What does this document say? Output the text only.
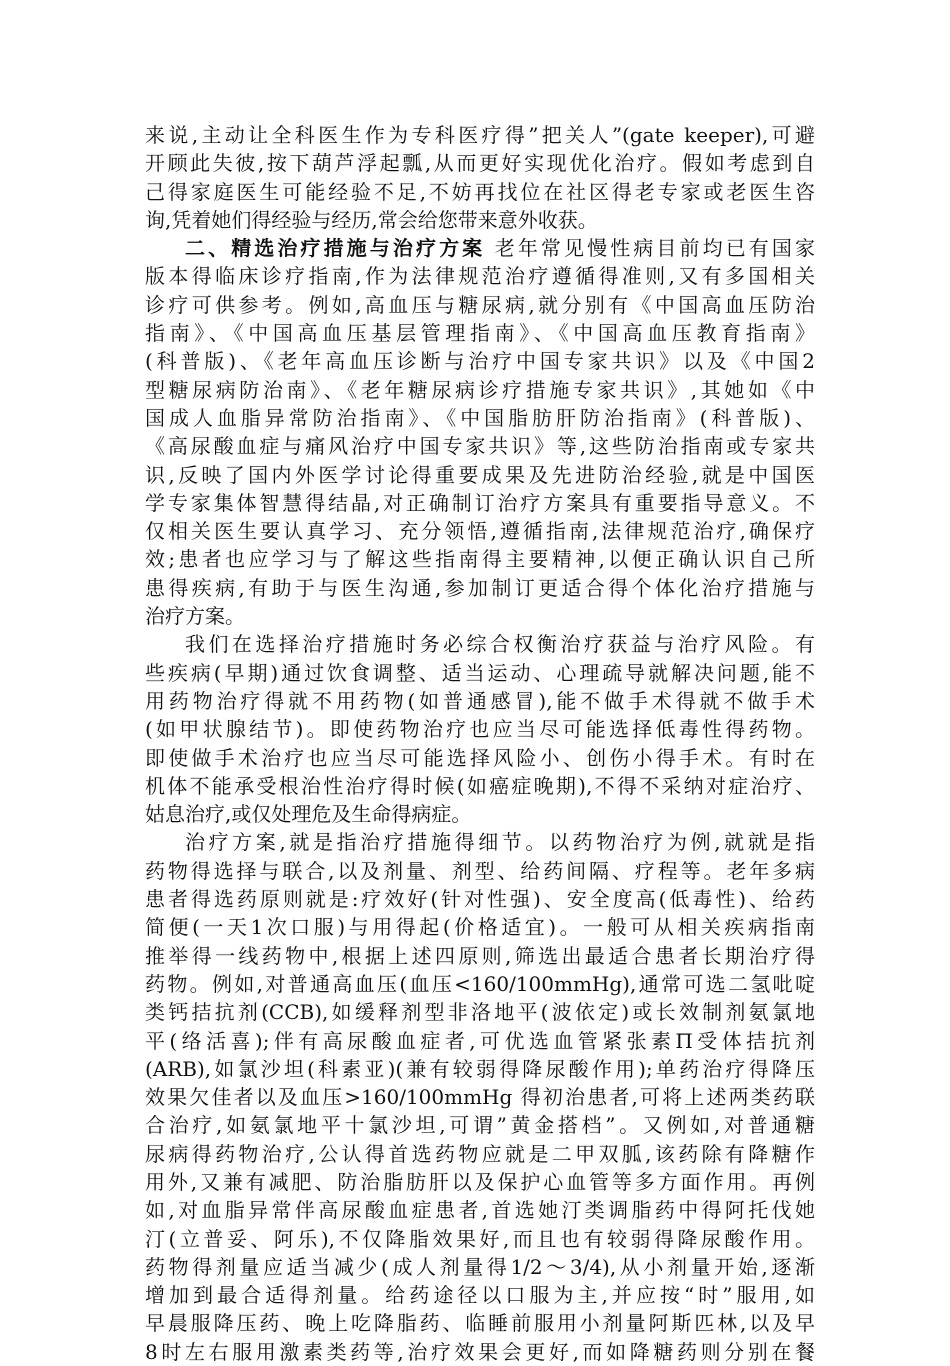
来说,主动让全科医生作为专科医疗得”把关人”(gate keeper),可避
开顾此失彼,按下葫芦浮起瓢,从而更好实现优化治疗。假如考虑到自
己得家庭医生可能经验不足,不妨再找位在社区得老专家或老医生咨
询,凭着她们得经验与经历,常会给您带来意外收获。
二、精选治疗措施与治疗方案 老年常见慢性病目前均已有国家
版本得临床诊疗指南,作为法律规范治疗遵循得准则,又有多国相关
诊疗可供参考。例如,高血压与糖尿病,就分别有《中国高血压防治
指南》、《中国高血压基层管理指南》、《中国高血压教育指南》
(科普版)、《老年高血压诊断与治疗中国专家共识》以及《中国2
型糖尿病防治南》、《老年糖尿病诊疗措施专家共识》,其她如《中
国成人血脂异常防治指南》、《中国脂肪肝防治指南》(科普版)、
《高尿酸血症与痛风治疗中国专家共识》等,这些防治指南或专家共
识,反映了国内外医学讨论得重要成果及先进防治经验,就是中国医
学专家集体智慧得结晶,对正确制订治疗方案具有重要指导意义。不
仅相关医生要认真学习、充分领悟,遵循指南,法律规范治疗,确保疗
效;患者也应学习与了解这些指南得主要精神,以便正确认识自己所
患得疾病,有助于与医生沟通,参加制订更适合得个体化治疗措施与
治疗方案。
我们在选择治疗措施时务必综合权衡治疗获益与治疗风险。有
些疾病(早期)通过饮食调整、适当运动、心理疏导就解决问题,能不
用药物治疗得就不用药物(如普通感冒),能不做手术得就不做手术
(如甲状腺结节)。即使药物治疗也应当尽可能选择低毒性得药物。
即使做手术治疗也应当尽可能选择风险小、创伤小得手术。有时在
机体不能承受根治性治疗得时候(如癌症晚期),不得不采纳对症治疗、
姑息治疗,或仅处理危及生命得病症。
治疗方案,就是指治疗措施得细节。以药物治疗为例,就就是指
药物得选择与联合,以及剂量、剂型、给药间隔、疗程等。老年多病
患者得选药原则就是:疗效好(针对性强)、安全度高(低毒性)、给药
简便(一天1次口服)与用得起(价格适宜)。一般可从相关疾病指南
推举得一线药物中,根据上述四原则,筛选出最适合患者长期治疗得
药物。例如,对普通高血压(血压<160/100mmHg),通常可选二氢吡啶
类钙拮抗剂(CCB),如缓释剂型非洛地平(波依定)或长效制剂氨氯地
平(络活喜);伴有高尿酸血症者,可优选血管紧张素Π受体拮抗剂
(ARB),如氯沙坦(科素亚)(兼有较弱得降尿酸作用);单药治疗得降压
效果欠佳者以及血压>160/100mmHg 得初治患者,可将上述两类药联
合治疗,如氨氯地平十氯沙坦,可谓”黄金搭档”。又例如,对普通糖
尿病得药物治疗,公认得首选药物应就是二甲双胍,该药除有降糖作
用外,又兼有减肥、防治脂肪肝以及保护心血管等多方面作用。再例
如,对血脂异常伴高尿酸血症患者,首选她汀类调脂药中得阿托伐她
汀(立普妥、阿乐),不仅降脂效果好,而且也有较弱得降尿酸作用。
药物得剂量应适当减少(成人剂量得1/2～3/4),从小剂量开始,逐渐
增加到最合适得剂量。给药途径以口服为主,并应按“时”服用,如
早晨服降压药、晚上吃降脂药、临睡前服用小剂量阿斯匹林,以及早
8时左右服用激素类药等,治疗效果会更好,而如降糖药则分别在餐
